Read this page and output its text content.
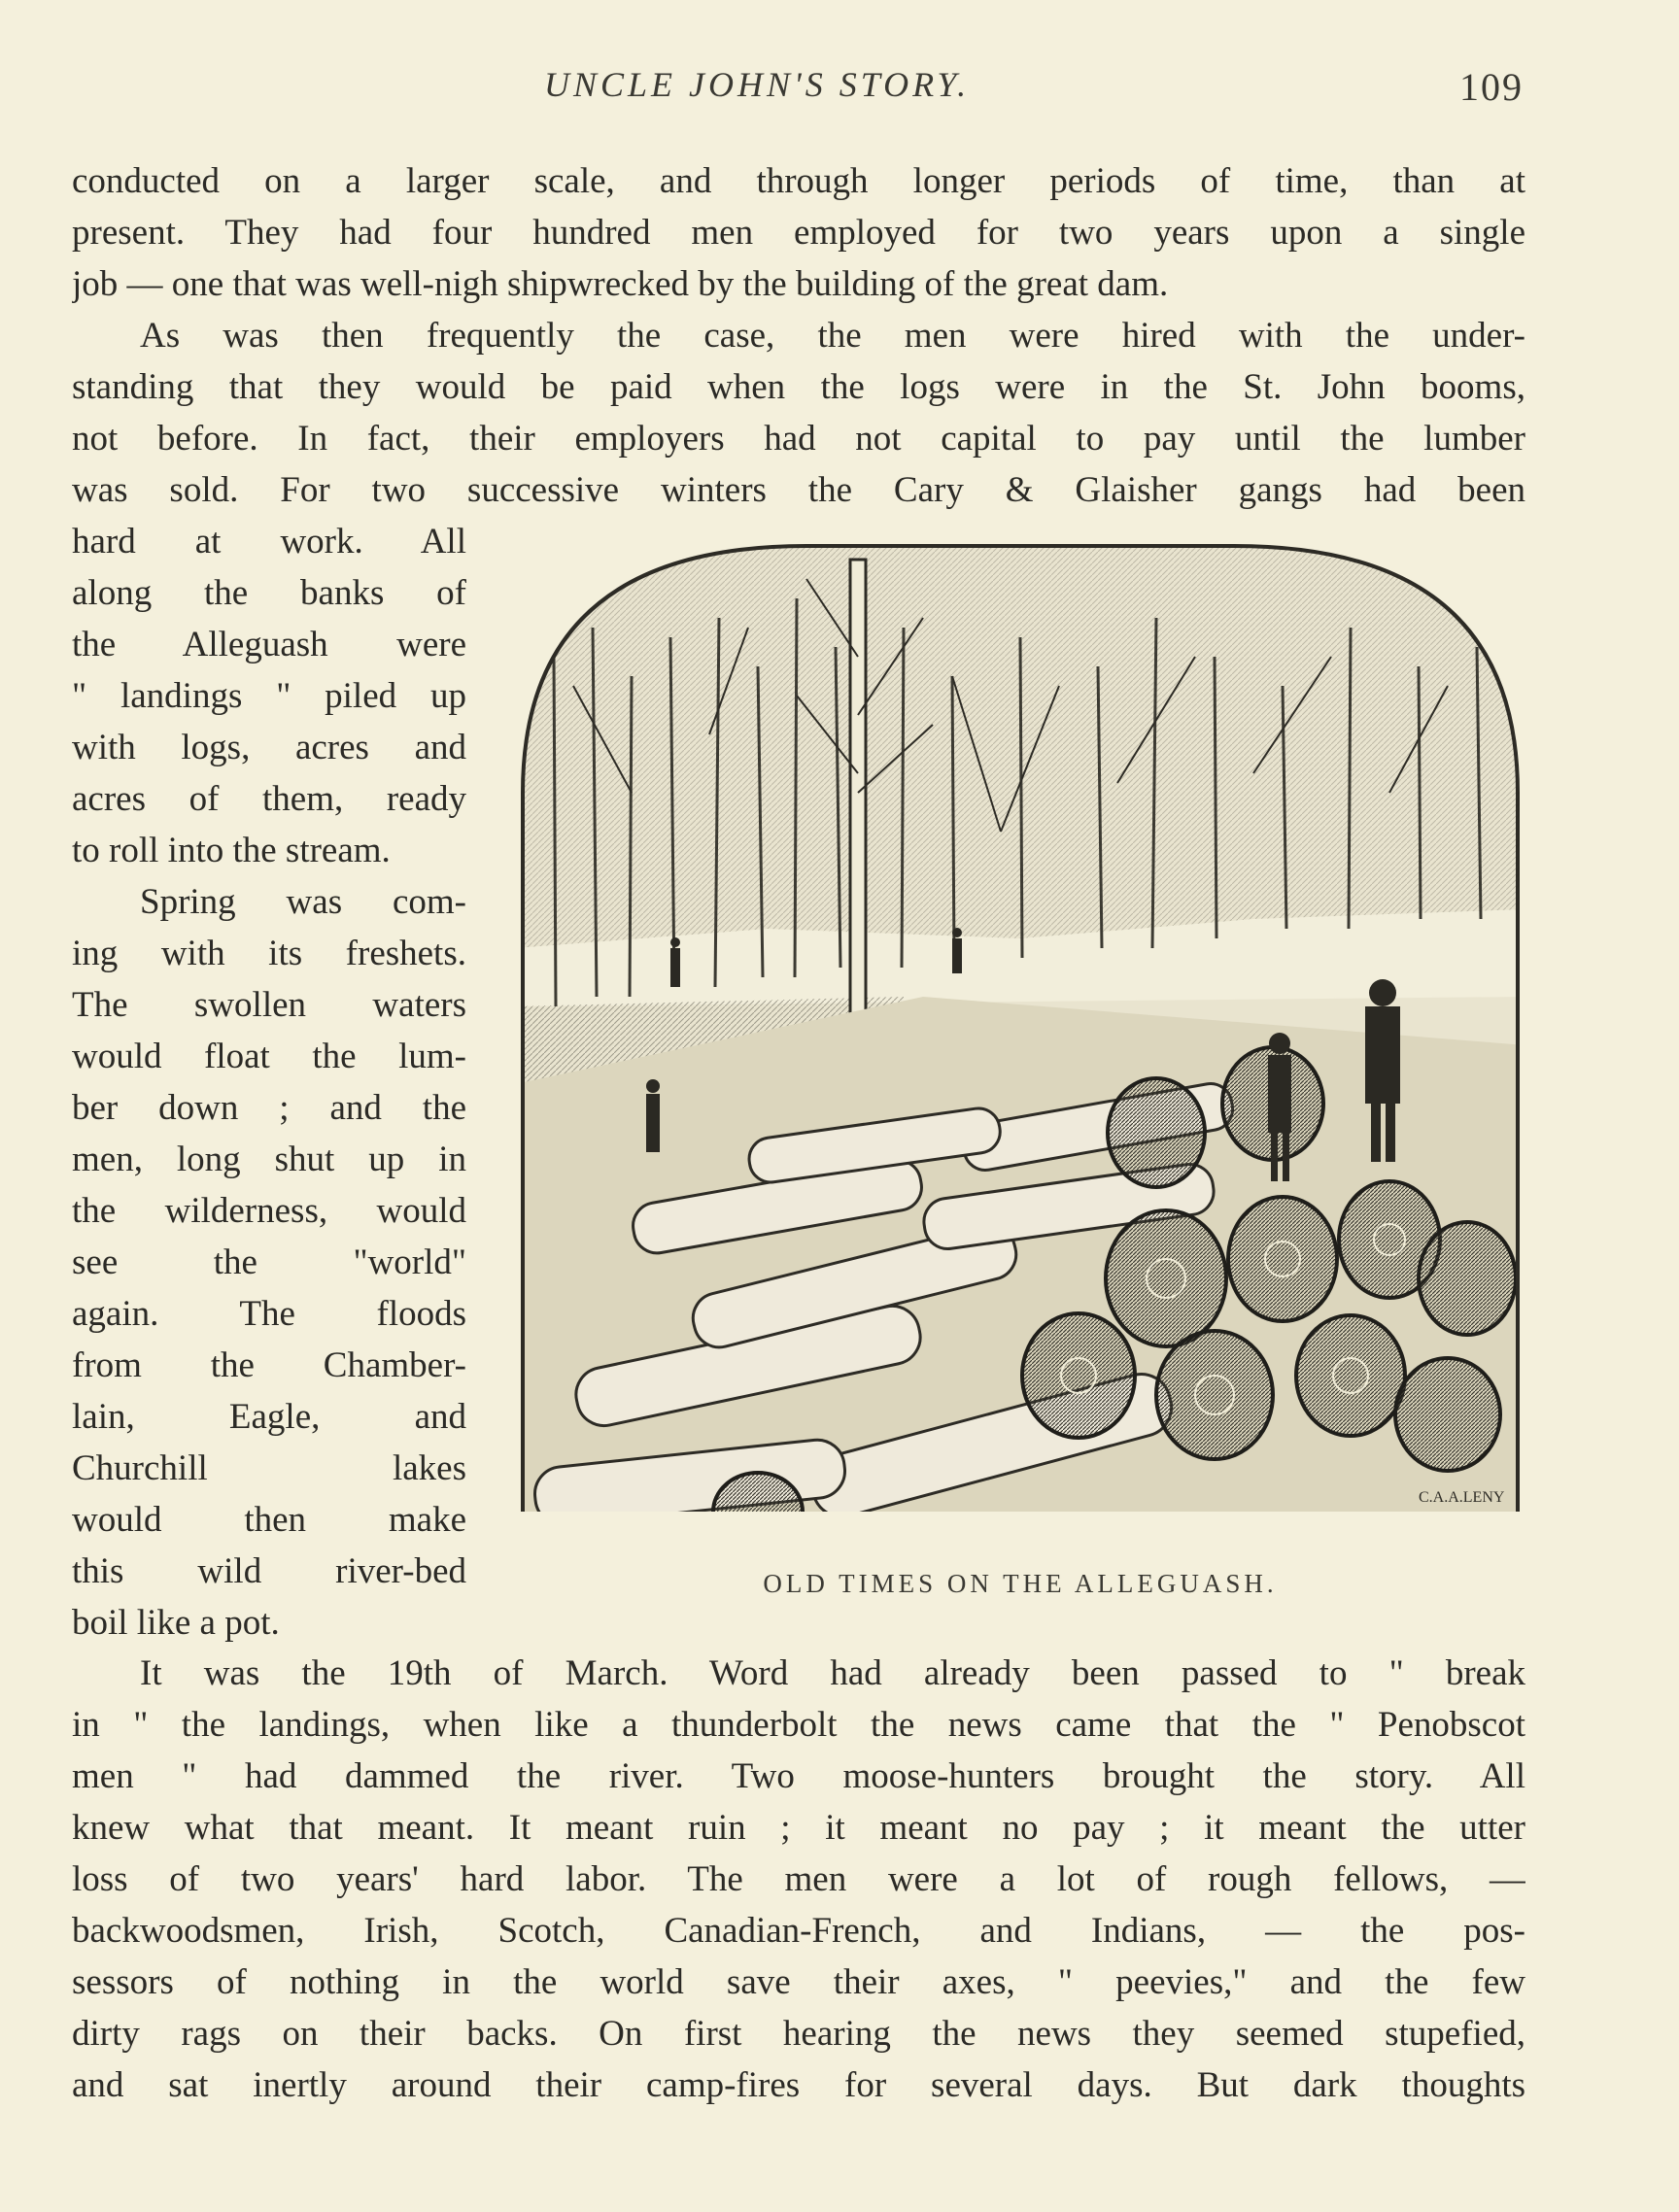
UNCLE JOHN'S STORY.	109
conducted on a larger scale, and through longer periods of time, than at
present. They had four hundred men employed for two years upon a single
job — one that was well-nigh shipwrecked by the building of the great dam.
As was then frequently the case, the men were hired with the under-
standing that they would be paid when the logs were in the St. John booms,
not before. In fact, their employers had not capital to pay until the lumber
was sold. For two successive winters the Cary & Glaisher gangs had been
hard at work. All
along the banks of
the Alleguash were
" landings " piled up
with logs, acres and
acres of them, ready
to roll into the stream.
Spring was com-
ing with its freshets.
The swollen waters
would float the lum-
ber down ; and the
men, long shut up in
the wilderness, would
see the "world"
again. The floods
from the Chamber-
lain, Eagle, and
Churchill lakes
would then make
this wild river-bed
boil like a pot.
C.A.A.LENY
OLD TIMES ON THE ALLEGUASH.
It was the 19th of March. Word had already been passed to " break
in " the landings, when like a thunderbolt the news came that the " Penobscot
men " had dammed the river. Two moose-hunters brought the story. All
knew what that meant. It meant ruin ; it meant no pay ; it meant the utter
loss of two years' hard labor. The men were a lot of rough fellows, —
backwoodsmen, Irish, Scotch, Canadian-French, and Indians, — the pos-
sessors of nothing in the world save their axes, " peevies," and the few
dirty rags on their backs. On first hearing the news they seemed stupefied,
and sat inertly around their camp-fires for several days. But dark thoughts
